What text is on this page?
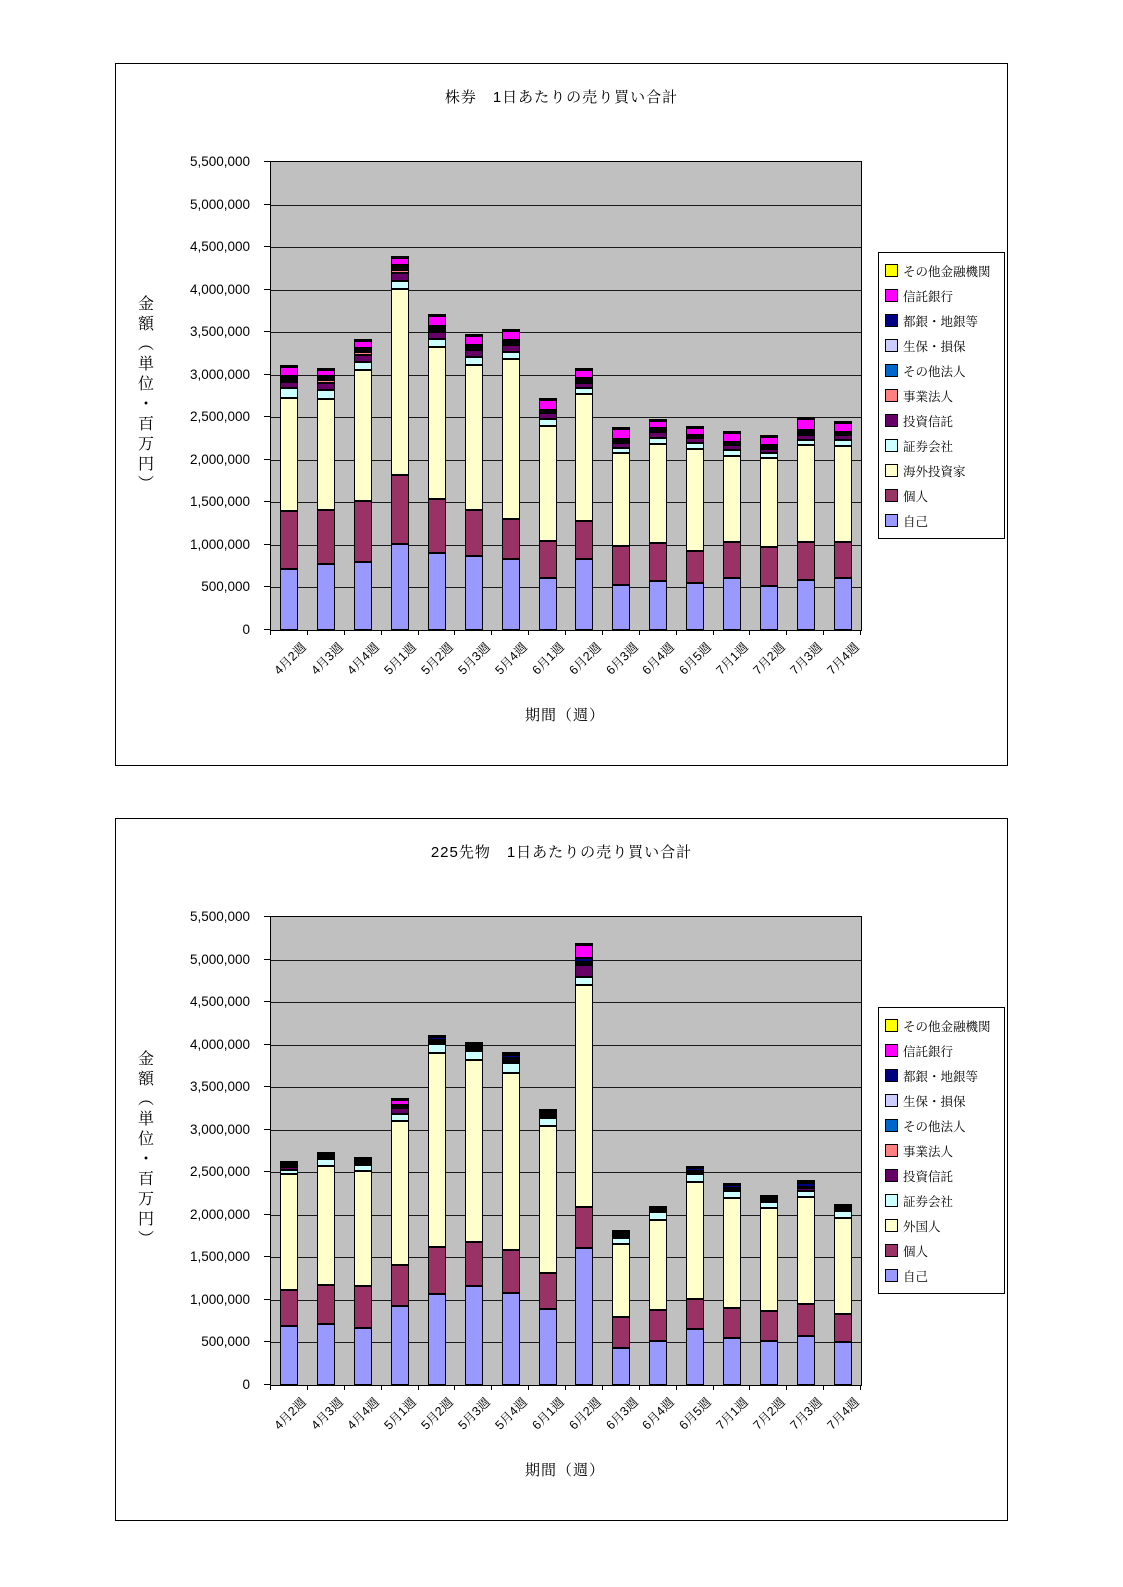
株券　1日あたりの売り買い合計
金額（単位・百万円）
0
500,000
1,000,000
1,500,000
2,000,000
2,500,000
3,000,000
3,500,000
4,000,000
4,500,000
5,000,000
5,500,000
4月2週 4月3週 4月4週 5月1週 5月2週 5月3週 5月4週 6月1週 6月2週 6月3週 6月4週 6月5週 7月1週 7月2週 7月3週 7月4週
期間（週）
その他金融機関
信託銀行
都銀・地銀等
生保・損保
その他法人
事業法人
投資信託
証券会社
海外投資家
個人
自己
225先物　1日あたりの売り買い合計
金額（単位・百万円）
0
500,000
1,000,000
1,500,000
2,000,000
2,500,000
3,000,000
3,500,000
4,000,000
4,500,000
5,000,000
5,500,000
4月2週 4月3週 4月4週 5月1週 5月2週 5月3週 5月4週 6月1週 6月2週 6月3週 6月4週 6月5週 7月1週 7月2週 7月3週 7月4週
期間（週）
その他金融機関
信託銀行
都銀・地銀等
生保・損保
その他法人
事業法人
投資信託
証券会社
外国人
個人
自己
